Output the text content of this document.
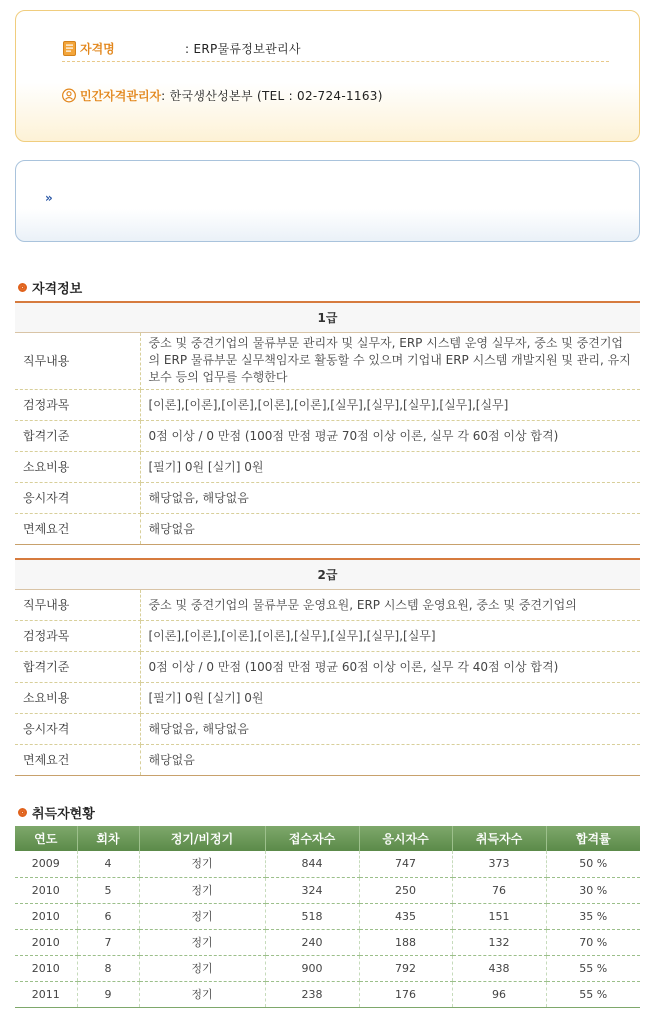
자격명	: ERP물류정보관리사
민간자격관리자 : 한국생산성본부 (TEL : 02-724-1163)
»
자격정보
1급	
직무내용	중소 및 중견기업의 물류부문 관리자 및 실무자, ERP 시스템 운영 실무자, 중소 및 중견기업의 ERP 물류부문 실무책임자로 활동할 수 있으며 기업내 ERP 시스템 개발지원 및 관리, 유지보수 등의 업무를 수행한다
검정과목	[이론],[이론],[이론],[이론],[이론],[실무],[실무],[실무],[실무],[실무]
합격기준	0점 이상 / 0 만점 (100점 만점 평균 70점 이상 이론, 실무 각 60점 이상 합격)
소요비용	[필기] 0원 [실기] 0원
응시자격	해당없음, 해당없음
면제요건	해당없음
2급	
직무내용	중소 및 중견기업의 물류부문 운영요원, ERP 시스템 운영요원, 중소 및 중견기업의
검정과목	[이론],[이론],[이론],[이론],[실무],[실무],[실무],[실무]
합격기준	0점 이상 / 0 만점 (100점 만점 평균 60점 이상 이론, 실무 각 40점 이상 합격)
소요비용	[필기] 0원 [실기] 0원
응시자격	해당없음, 해당없음
면제요건	해당없음
취득자현황
연도	회차	정기/비정기	접수자수	응시자수	취득자수	합격률
2009	4	정기	844	747	373	50 %
2010	5	정기	324	250	76	30 %
2010	6	정기	518	435	151	35 %
2010	7	정기	240	188	132	70 %
2010	8	정기	900	792	438	55 %
2011	9	정기	238	176	96	55 %
